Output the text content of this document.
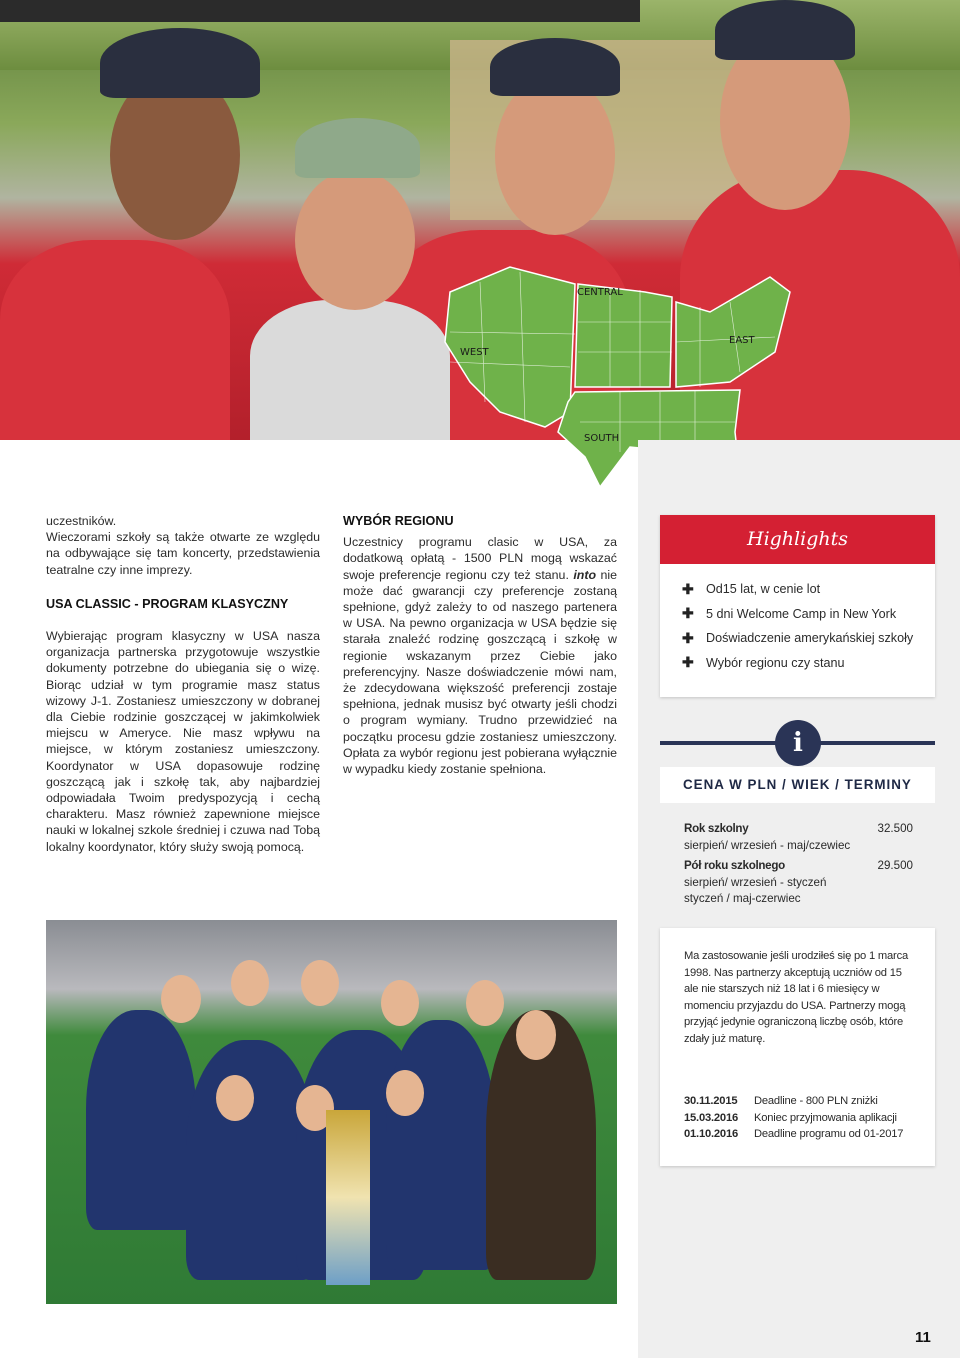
CENTRAL
WEST
EAST
SOUTH

uczestników.

Wieczorami szkoły są także otwarte ze względu na odbywające się tam koncerty, przedstawienia teatralne czy inne imprezy.

USA CLASSIC - PROGRAM KLASYCZNY

Wybierając program klasyczny w USA nasza organizacja partnerska przygotowuje wszystkie dokumenty potrzebne do ubiegania się o wizę. Biorąc udział w tym programie masz status wizowy J-1. Zostaniesz umieszczony w dobranej dla Ciebie rodzinie goszczącej w jakimkolwiek miejscu w Ameryce. Nie masz wpływu na miejsce, w którym zostaniesz umieszczony. Koordynator w USA dopasowuje rodzinę goszczącą jak i szkołę tak, aby najbardziej odpowiadała Twoim predyspozycją i cechą charakteru. Masz również zapewnione miejsce nauki w lokalnej szkole średniej i czuwa nad Tobą lokalny koordynator, który służy swoją pomocą.

WYBÓR REGIONU

Uczestnicy programu clasic w USA, za dodatkową opłatą - 1500 PLN mogą wskazać swoje preferencje regionu czy też stanu. into nie może dać gwarancji czy preferencje zostaną spełnione, gdyż zależy to od naszego partenera w USA. Na pewno organizacja w USA będzie się starała znaleźć rodzinę goszczącą i szkołę w regionie wskazanym przez Ciebie jako preferencyjny. Nasze doświadczenie mówi nam, że zdecydowana większość preferencji zostaje spełniona, jednak musisz być otwarty jeśli chodzi o program wymiany. Trudno przewidzieć na początku procesu gdzie zostaniesz umieszczony. Opłata za wybór regionu jest pobierana wyłącznie w wypadku kiedy zostanie spełniona.

Highlights
✚ Od15 lat, w cenie lot
✚ 5 dni Welcome Camp in New York
✚ Doświadczenie amerykańskiej szkoły
✚ Wybór regionu czy stanu
i
CENA W PLN / WIEK / TERMINY
Rok szkolny	32.500
sierpień/ wrzesień - maj/czewiec
Pół roku szkolnego	29.500
sierpień/ wrzesień - styczeń
styczeń / maj-czerwiec

Ma zastosowanie jeśli urodziłeś się po 1 marca 1998. Nas partnerzy akceptują uczniów od 15 ale nie starszych niż 18 lat i 6 miesięcy w momenciu przyjazdu do USA. Partnerzy mogą przyjąć jedynie ograniczoną liczbę osób, które zdały już maturę.

30.11.2015	Deadline - 800 PLN zniżki
15.03.2016	Koniec przyjmowania aplikacji
01.10.2016	Deadline programu od 01-2017
11
